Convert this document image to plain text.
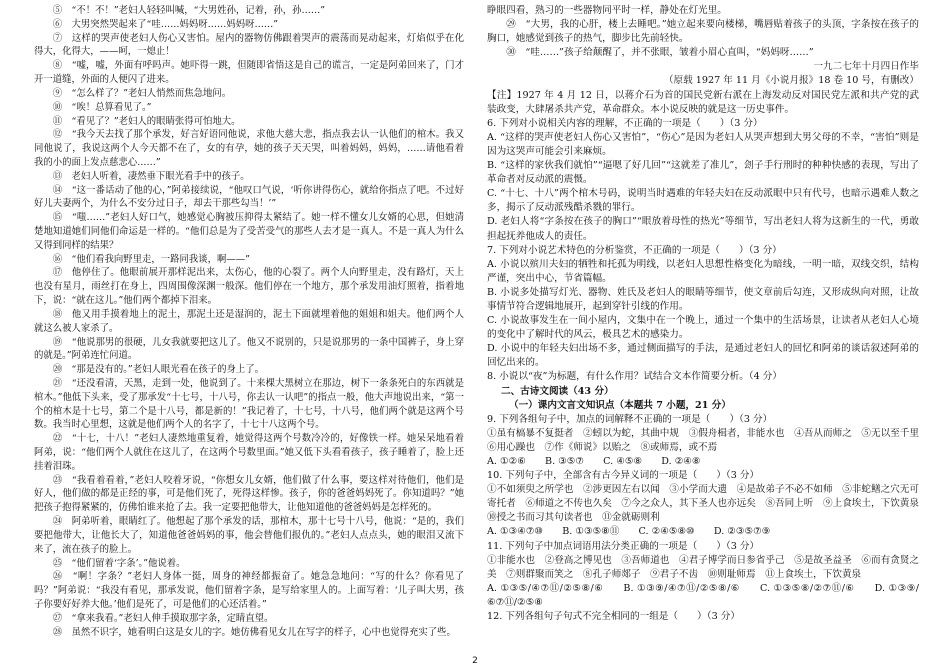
⑤　“不！不！”老妇人轻轻叫喊，“大男姓孙，记着，孙，孙……”

⑥　大男突然哭起来了“哇……妈妈呀……妈妈呀……”

⑦　这样的哭声使老妇人伤心又害怕。屋内的器物仿佛跟着哭声的震荡而晃动起来，灯焰似乎在化得大，化得大，——呵，一熄止！

⑧　“嘘，嘘，外面有呼吗声。她吓得一跳，但随即省悟这是自己的谎言，一定是阿弟回来了，门才开一道缝，外面的人便闪了进来。

⑨　“怎么样了？”老妇人悄然而焦急地问。

⑩　“唉！总算看见了。”

⑪　“看见了？”老妇人的眼睛张得可怕地大。

⑫　“我今天去找了那个承发，好言好语同他说，求他大慈大悲，指点我去认一认他们的棺木。我又同他说了，我说这两个人今天都不在了，女的有孕，她的孩子天天哭，叫着妈妈，妈妈，……请他看着我的小的面上发点慈悲心……”

⑬　老妇人听着，凄然垂下眼光看手中的孩子。

⑭　“这一番话动了他的心，”阿弟接续说，“他叹口气说，‘听你讲得伤心，就给你指点了吧。不过好好儿夫妻两个，为什么不安分过日子，却去干那些勾当！’”

⑮　“嗤……”老妇人好口气，她感觉心胸被压抑得太紧结了。她一样不懂女儿女婿的心思，但她清楚地知道她们同他们命运是一样的。“他们总是为了受苦受气的那些人去才是一真人。不是一真人为什么又得到同样的结果？

⑯　“他们看我向野里走，一路同我谈，啊——”

⑰　他停住了。他眼前展开那样泥出来，太伤心，他的心裂了。两个人向野里走，没有路灯，天上也没有星月，雨丝打在身上，四周围像深渊一般深。他们停在一个地方，那个承发用油灯照着，指着地下，说：“就在这儿。”他们两个都掉下泪来。

⑱　他又用手摸着地上的泥土，那泥土还是湿润的，泥土下面就埋着他的姐姐和姐夫。他们两个人就这么被人家杀了。

⑲　“他说那男的很硬，儿女我就要把这儿了。他又不说别的，只是说那男的一条中国裤子，身上穿的就是。”阿弟连忙问道。

⑳　“那是没有的。”老妇人眼光看在孩子的身上了。

㉑　“还没看清，天黑，走到一处，他说到了。十来棵大黑树立在那边，树下一条条死白的东西就是棺木。”他低下头来，受了那承发“十七号，十八号，你去认一认吧”的指点一般，他大声地说出来，“第一个的棺木是十七号，第二个是十八号，都是新的！”我记着了，十七号，十八号，他们两个就是这两个号数。我当时心里想，这就是他们两个人的名字了，十七十八这两个号。

㉒　“十七，十八！”老妇人凄然地重复着，她觉得这两个号数冷冷的，好像铁一样。她呆呆地看着阿弟，说：“他们两个人就住在这儿了，在这两个号数里面。”她又低下头看看孩子，孩子睡着了，脸上还挂着泪珠。

㉓　“我看着看着，”老妇人咬着牙说，“你想女儿女婿，他们做了什么事，要这样对待他们，他们是好人，他们做的都是正经的事，可是他们死了，死得这样惨。孩子，你的爸爸妈妈死了。你知道吗？”她把孩子抱得紧紧的，仿佛怕谁来抢了去。我一定要把他带大，让他知道他的爸爸妈妈是怎样死的。

㉔　阿弟听着，眼睛红了。他想起了那个承发的话，那棺木，那十七号十八号，他说：“是的，我们要把他带大，让他长大了，知道他爸爸妈妈的事，他会替他们报仇的。”老妇人点点头，她的眼泪又流下来了，流在孩子的脸上。

㉕　“他们留着‘字条’。”他说着。

㉖　“啊！字条？”老妇人身体一挺，周身的神经都振奋了。她急急地问：“写的什么？你看见了吗？”阿弟说：“我没有看见，那承发说，他们留着字条，是写给家里人的。上面写着：‘儿子叫大男，孩子你要好好养大他。’他们是死了，可是他们的心还活着。”

㉗　“拿来我看。”老妇人伸手摸取那字条，定睛直望。

㉘　虽然不识字，她看明白这是女儿的字。她仿佛看见女儿在写字的样子，心中也觉得充实了些。

睁眼四看，熟习的一些器物同平时一样，静处在灯光里。

㉙　“大男，我的心肝，楼上去睡吧。”她立起来要向楼梯，嘴唇贴着孩子的头顶，字条按在孩子的胸口，她感觉到孩子的热气，脚步比先前轻快。

㉚　“哇……”孩子给颠醒了，并不张眼，皱着小眉心直叫，“妈妈呀……”

一九二七年十月四日作毕

（原载 1927 年 11 月《小说月报》18 卷 10 号，有删改）

【注】1927 年 4 月 12 日，以蒋介石为首的国民党新右派在上海发动反对国民党左派和共产党的武装政变，大肆屠杀共产党，革命群众。本小说反映的就是这一历史事件。

6. 下列对小说相关内容的理解，不正确的一项是（　　）（3 分）

A. “这样的哭声使老妇人伤心又害怕”，“伤心”是因为老妇人从哭声想到大男父母的不幸，“害怕”则是因为这哭声可能会引来麻烦。

B. “这样的家伙我们就怕”“逼嗯了好几回”“这就差了准儿”，刽子手行刑时的种种快感的表现，写出了革命者对反动派的震慑。

C. “十七、十八”两个棺木号码，说明当时遇难的年轻夫妇在反动派眼中只有代号，也暗示遇难人数之多，揭示了反动派残酷杀戮的罪行。

D. 老妇人将“字条按在孩子的胸口”“眼放着母性的热光”等细节，写出老妇人将为这新生的一代，勇敢担起抚养他成人的责任。

7. 下列对小说艺术特色的分析鉴赏，不正确的一项是（　　）（3 分）

A. 小说以殡川夫妇的牺牲和托孤为明线，以老妇人思想性格变化为暗线，一明一暗，双线交织，结构严谨，突出中心，节省篇幅。

B. 小说多处描写灯光、器物、姓氏及老妇人的眼睛等细节，使文章前后勾连，又形成纵向对照，让故事情节符合逻辑地展开，起到穿针引线的作用。

C. 小说故事发生在一间小屋内，文集中在一个晚上，通过一个集中的生活场景，让读者从老妇人心境的变化中了解时代的风云，极具艺术的感染力。

D. 小说中的年轻夫妇出场不多，通过侧面描写的手法，是通过老妇人的回忆和阿弟的谈话叙述阿弟的回忆出来的。

8. 小说以“夜”为标题，有什么作用？试结合文本作简要分析。（4 分）

二、古诗文阅读（43 分）

（一）课内文言文知识点（本题共 7 小题，21 分）

9. 下列各组句子中，加点的词解释不正确的一项是（　　）（3 分）

①虽有槁暴不复挺者　②蚓以为蛇，其曲中规　③假舟楫者，非能水也　④吾从而师之　⑤无以至千里　⑥用心躁也　⑦作《师说》以贻之　⑧或师焉，或不焉

A. ①②⑥　　B. ③⑤⑦　　C. ④⑤⑧　　D. ②④⑧

10. 下列句子中，全部含有古今异义词的一项是（　　）（3 分）

①不如须臾之所学也　②涉更因左右以闻　③小学而大遗　④是故弟子不必不如师　⑤非蛇鳝之穴无可寄托者　⑥师道之不传也久矣　⑦今之众人，其下圣人也亦远矣　⑧吾同上听　⑨上食埃土，下饮黄泉　⑩授之书而习其句读者也　⑪金就砺则利

A. ①③④⑦⑩　　B. ①③⑤⑧⑪　　C. ②④⑤⑧⑩　　D. ②③⑤⑦⑨

11. 下列句子中加点词语用法分类正确的一项是（　　）（3 分）

①非能水也　②登高之博见也　③吾师道也　④君子博学而日参省乎己　⑤是故圣益圣　⑥而有贪贤之美　⑦则群聚而笑之　⑧孔子师郯子　⑨君子不齿　⑩则耻师焉　⑪上食埃土，下饮黄泉

A. ①③⑤/④⑦⑪/②⑤⑧/⑥　　B. ①③⑨/④⑦⑪/②⑤⑧/⑥　　C. ①③⑤⑧/②⑦⑪/⑥　　D. ①③⑨/⑥⑦⑪/②⑤⑧

12. 下列各组句子句式不完全相同的一组是（　　）（3 分）

2
